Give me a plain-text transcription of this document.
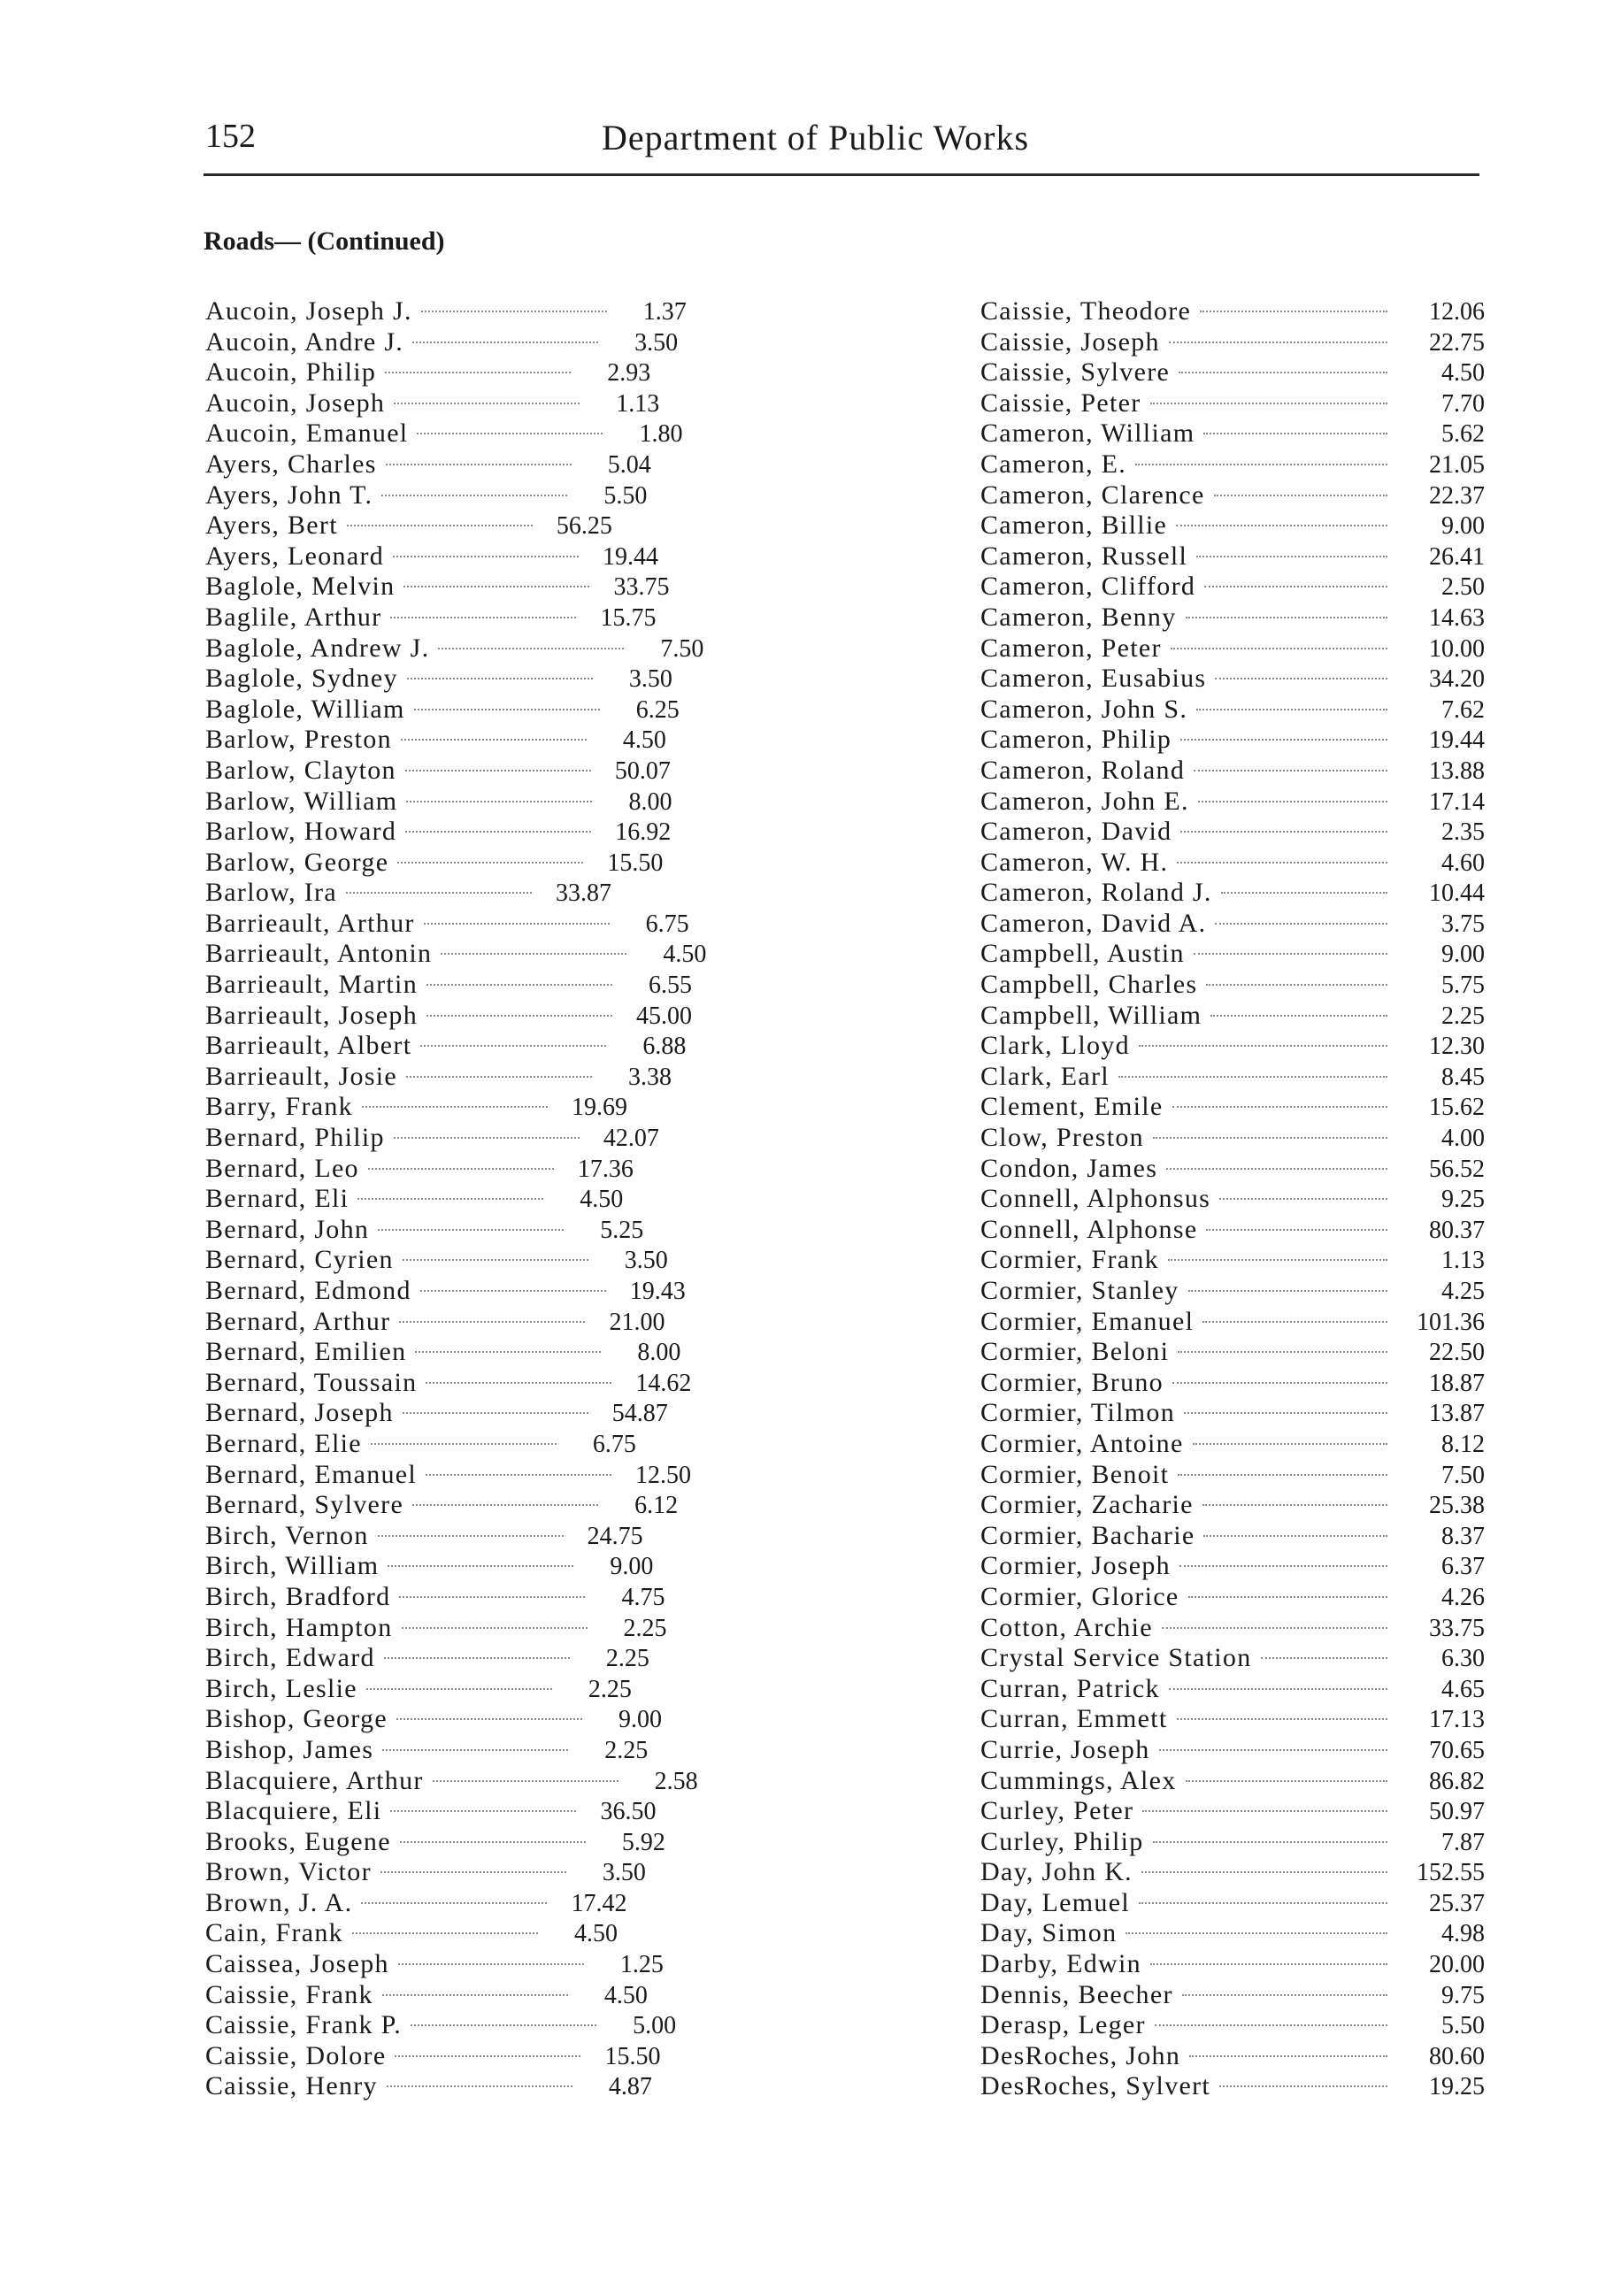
152	Department of Public Works
Roads— (Continued)
Aucoin, Joseph J.	1.37
Aucoin, Andre J.	3.50
Aucoin, Philip	2.93
Aucoin, Joseph	1.13
Aucoin, Emanuel	1.80
Ayers, Charles	5.04
Ayers, John T.	5.50
Ayers, Bert	56.25
Ayers, Leonard	19.44
Baglole, Melvin	33.75
Baglile, Arthur	15.75
Baglole, Andrew J.	7.50
Baglole, Sydney	3.50
Baglole, William	6.25
Barlow, Preston	4.50
Barlow, Clayton	50.07
Barlow, William	8.00
Barlow, Howard	16.92
Barlow, George	15.50
Barlow, Ira	33.87
Barrieault, Arthur	6.75
Barrieault, Antonin	4.50
Barrieault, Martin	6.55
Barrieault, Joseph	45.00
Barrieault, Albert	6.88
Barrieault, Josie	3.38
Barry, Frank	19.69
Bernard, Philip	42.07
Bernard, Leo	17.36
Bernard, Eli	4.50
Bernard, John	5.25
Bernard, Cyrien	3.50
Bernard, Edmond	19.43
Bernard, Arthur	21.00
Bernard, Emilien	8.00
Bernard, Toussain	14.62
Bernard, Joseph	54.87
Bernard, Elie	6.75
Bernard, Emanuel	12.50
Bernard, Sylvere	6.12
Birch, Vernon	24.75
Birch, William	9.00
Birch, Bradford	4.75
Birch, Hampton	2.25
Birch, Edward	2.25
Birch, Leslie	2.25
Bishop, George	9.00
Bishop, James	2.25
Blacquiere, Arthur	2.58
Blacquiere, Eli	36.50
Brooks, Eugene	5.92
Brown, Victor	3.50
Brown, J. A.	17.42
Cain, Frank	4.50
Caissea, Joseph	1.25
Caissie, Frank	4.50
Caissie, Frank P.	5.00
Caissie, Dolore	15.50
Caissie, Henry	4.87
Caissie, Theodore	12.06
Caissie, Joseph	22.75
Caissie, Sylvere	4.50
Caissie, Peter	7.70
Cameron, William	5.62
Cameron, E.	21.05
Cameron, Clarence	22.37
Cameron, Billie	9.00
Cameron, Russell	26.41
Cameron, Clifford	2.50
Cameron, Benny	14.63
Cameron, Peter	10.00
Cameron, Eusabius	34.20
Cameron, John S.	7.62
Cameron, Philip	19.44
Cameron, Roland	13.88
Cameron, John E.	17.14
Cameron, David	2.35
Cameron, W. H.	4.60
Cameron, Roland J.	10.44
Cameron, David A.	3.75
Campbell, Austin	9.00
Campbell, Charles	5.75
Campbell, William	2.25
Clark, Lloyd	12.30
Clark, Earl	8.45
Clement, Emile	15.62
Clow, Preston	4.00
Condon, James	56.52
Connell, Alphonsus	9.25
Connell, Alphonse	80.37
Cormier, Frank	1.13
Cormier, Stanley	4.25
Cormier, Emanuel	101.36
Cormier, Beloni	22.50
Cormier, Bruno	18.87
Cormier, Tilmon	13.87
Cormier, Antoine	8.12
Cormier, Benoit	7.50
Cormier, Zacharie	25.38
Cormier, Bacharie	8.37
Cormier, Joseph	6.37
Cormier, Glorice	4.26
Cotton, Archie	33.75
Crystal Service Station	6.30
Curran, Patrick	4.65
Curran, Emmett	17.13
Currie, Joseph	70.65
Cummings, Alex	86.82
Curley, Peter	50.97
Curley, Philip	7.87
Day, John K.	152.55
Day, Lemuel	25.37
Day, Simon	4.98
Darby, Edwin	20.00
Dennis, Beecher	9.75
Derasp, Leger	5.50
DesRoches, John	80.60
DesRoches, Sylvert	19.25
